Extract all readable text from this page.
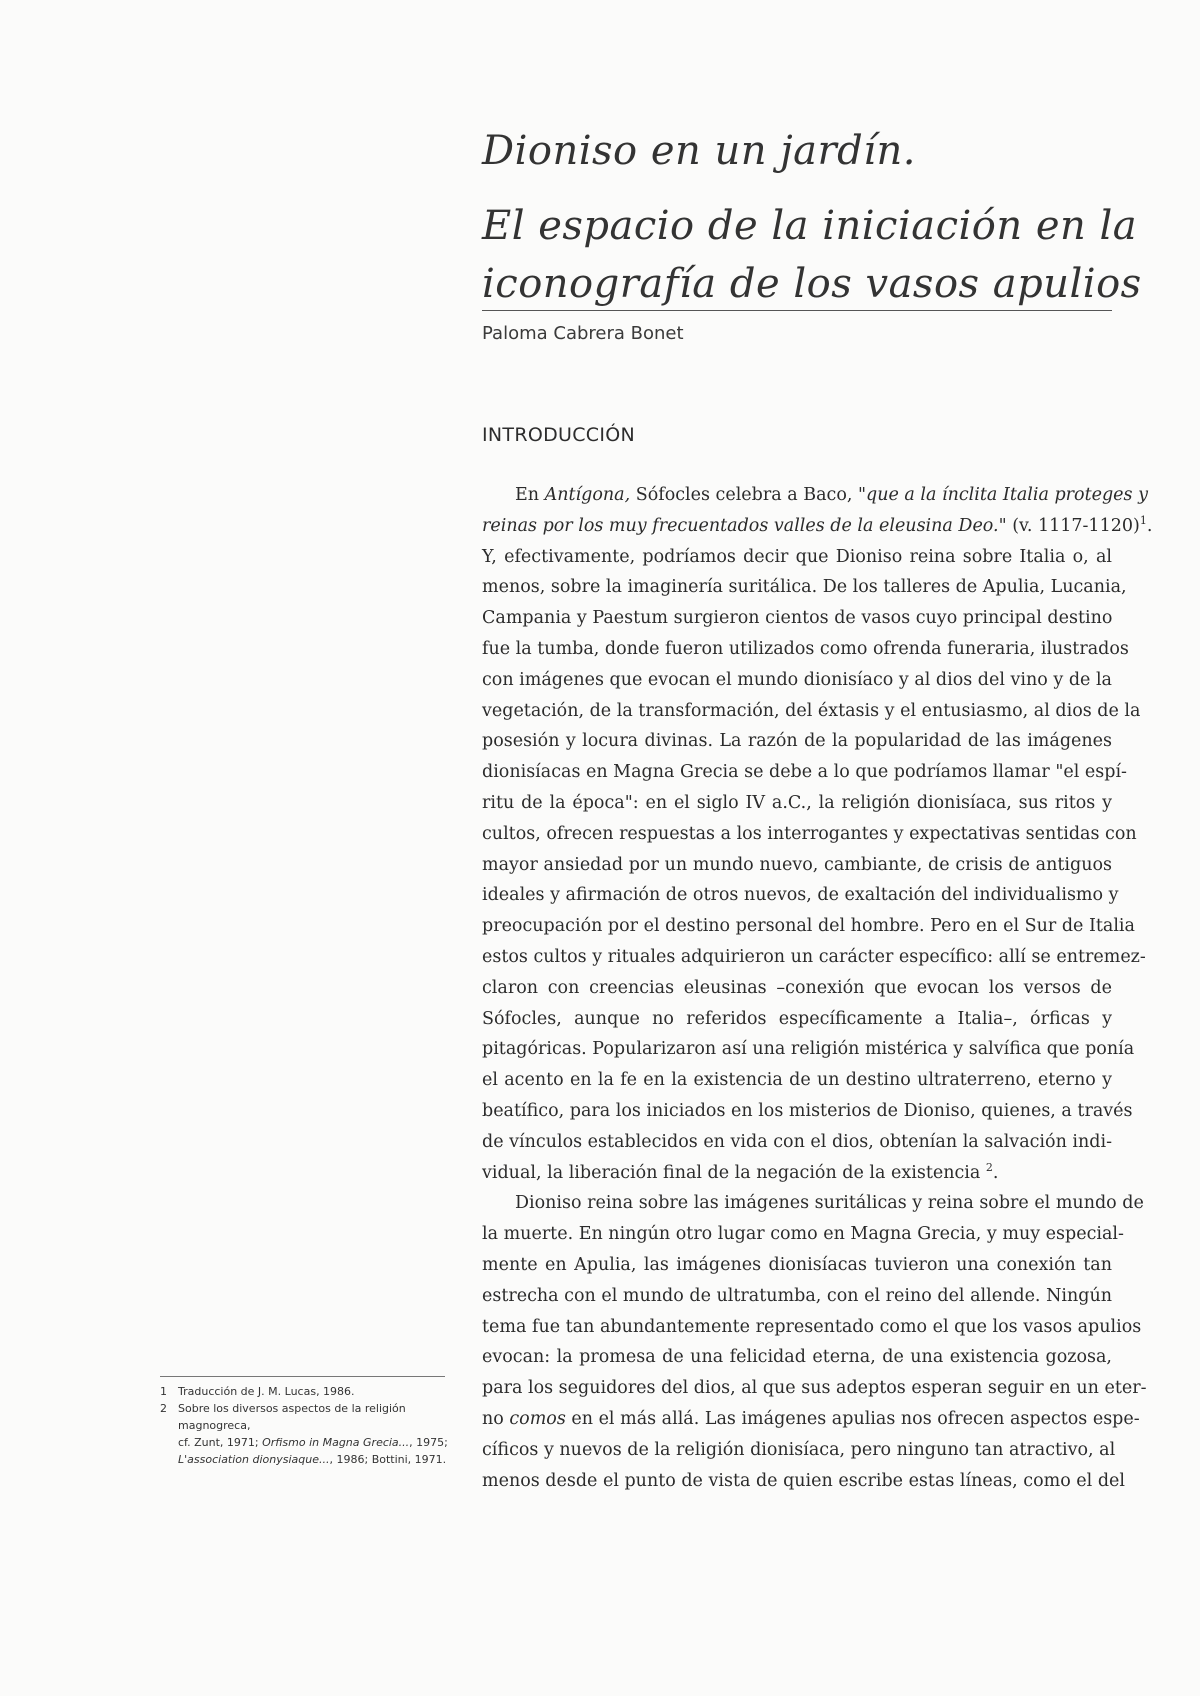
Dioniso en un jardín.
El espacio de la iniciación en la
iconografía de los vasos apulios
Paloma Cabrera Bonet
INTRODUCCIÓN
En Antígona, Sófocles celebra a Baco, "que a la ínclita Italia proteges y
reinas por los muy frecuentados valles de la eleusina Deo." (v. 1117-1120)$^1$.
Y, efectivamente, podríamos decir que Dioniso reina sobre Italia o, al
menos, sobre la imaginería suritálica. De los talleres de Apulia, Lucania,
Campania y Paestum surgieron cientos de vasos cuyo principal destino
fue la tumba, donde fueron utilizados como ofrenda funeraria, ilustrados
con imágenes que evocan el mundo dionisíaco y al dios del vino y de la
vegetación, de la transformación, del éxtasis y el entusiasmo, al dios de la
posesión y locura divinas. La razón de la popularidad de las imágenes
dionisíacas en Magna Grecia se debe a lo que podríamos llamar "el espí-
ritu de la época": en el siglo IV a.C., la religión dionisíaca, sus ritos y
cultos, ofrecen respuestas a los interrogantes y expectativas sentidas con
mayor ansiedad por un mundo nuevo, cambiante, de crisis de antiguos
ideales y afirmación de otros nuevos, de exaltación del individualismo y
preocupación por el destino personal del hombre. Pero en el Sur de Italia
estos cultos y rituales adquirieron un carácter específico: allí se entremez-
claron con creencias eleusinas –conexión que evocan los versos de
Sófocles, aunque no referidos específicamente a Italia–, órficas y
pitagóricas. Popularizaron así una religión mistérica y salvífica que ponía
el acento en la fe en la existencia de un destino ultraterreno, eterno y
beatífico, para los iniciados en los misterios de Dioniso, quienes, a través
de vínculos establecidos en vida con el dios, obtenían la salvación indi-
vidual, la liberación final de la negación de la existencia $^2$.
Dioniso reina sobre las imágenes suritálicas y reina sobre el mundo de
la muerte. En ningún otro lugar como en Magna Grecia, y muy especial-
mente en Apulia, las imágenes dionisíacas tuvieron una conexión tan
estrecha con el mundo de ultratumba, con el reino del allende. Ningún
tema fue tan abundantemente representado como el que los vasos apulios
evocan: la promesa de una felicidad eterna, de una existencia gozosa,
para los seguidores del dios, al que sus adeptos esperan seguir en un eter-
no comos en el más allá. Las imágenes apulias nos ofrecen aspectos espe-
cíficos y nuevos de la religión dionisíaca, pero ninguno tan atractivo, al
menos desde el punto de vista de quien escribe estas líneas, como el del
1	Traducción de J. M. Lucas, 1986.
2	Sobre los diversos aspectos de la religión magnogreca,
cf. Zunt, 1971; Orfismo in Magna Grecia..., 1975;
L'association dionysiaque..., 1986; Bottini, 1971.
